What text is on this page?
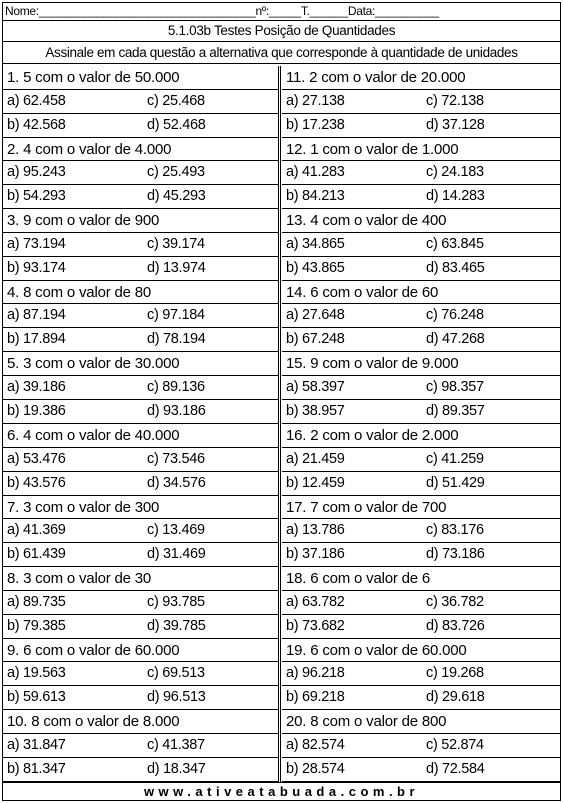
Nome:__________________________________nº:_____T.______Data:__________
5.1.03b Testes Posição de Quantidades
Assinale em cada questão a alternativa que corresponde à quantidade de unidades
1. 5 com o valor de 50.000
a) 62.458	c) 25.468
b) 42.568	d) 52.468
2. 4 com o valor de 4.000
a) 95.243	c) 25.493
b) 54.293	d) 45.293
3. 9 com o valor de 900
a) 73.194	c) 39.174
b) 93.174	d) 13.974
4. 8 com o valor de 80
a) 87.194	c) 97.184
b) 17.894	d) 78.194
5. 3 com o valor de 30.000
a) 39.186	c) 89.136
b) 19.386	d) 93.186
6. 4 com o valor de 40.000
a) 53.476	c) 73.546
b) 43.576	d) 34.576
7. 3 com o valor de 300
a) 41.369	c) 13.469
b) 61.439	d) 31.469
8. 3 com o valor de 30
a) 89.735	c) 93.785
b) 79.385	d) 39.785
9. 6 com o valor de 60.000
a) 19.563	c) 69.513
b) 59.613	d) 96.513
10. 8 com o valor de 8.000
a) 31.847	c) 41.387
b) 81.347	d) 18.347
11. 2 com o valor de 20.000
a) 27.138	c) 72.138
b) 17.238	d) 37.128
12. 1 com o valor de 1.000
a) 41.283	c) 24.183
b) 84.213	d) 14.283
13. 4 com o valor de 400
a) 34.865	c) 63.845
b) 43.865	d) 83.465
14. 6 com o valor de 60
a) 27.648	c) 76.248
b) 67.248	d) 47.268
15. 9 com o valor de 9.000
a) 58.397	c) 98.357
b) 38.957	d) 89.357
16. 2 com o valor de 2.000
a) 21.459	c) 41.259
b) 12.459	d) 51.429
17. 7 com o valor de 700
a) 13.786	c) 83.176
b) 37.186	d) 73.186
18. 6 com o valor de 6
a) 63.782	c) 36.782
b) 73.682	d) 83.726
19. 6 com o valor de 60.000
a) 96.218	c) 19.268
b) 69.218	d) 29.618
20. 8 com o valor de 800
a) 82.574	c) 52.874
b) 28.574	d) 72.584
www.ativeatabuada.com.br
